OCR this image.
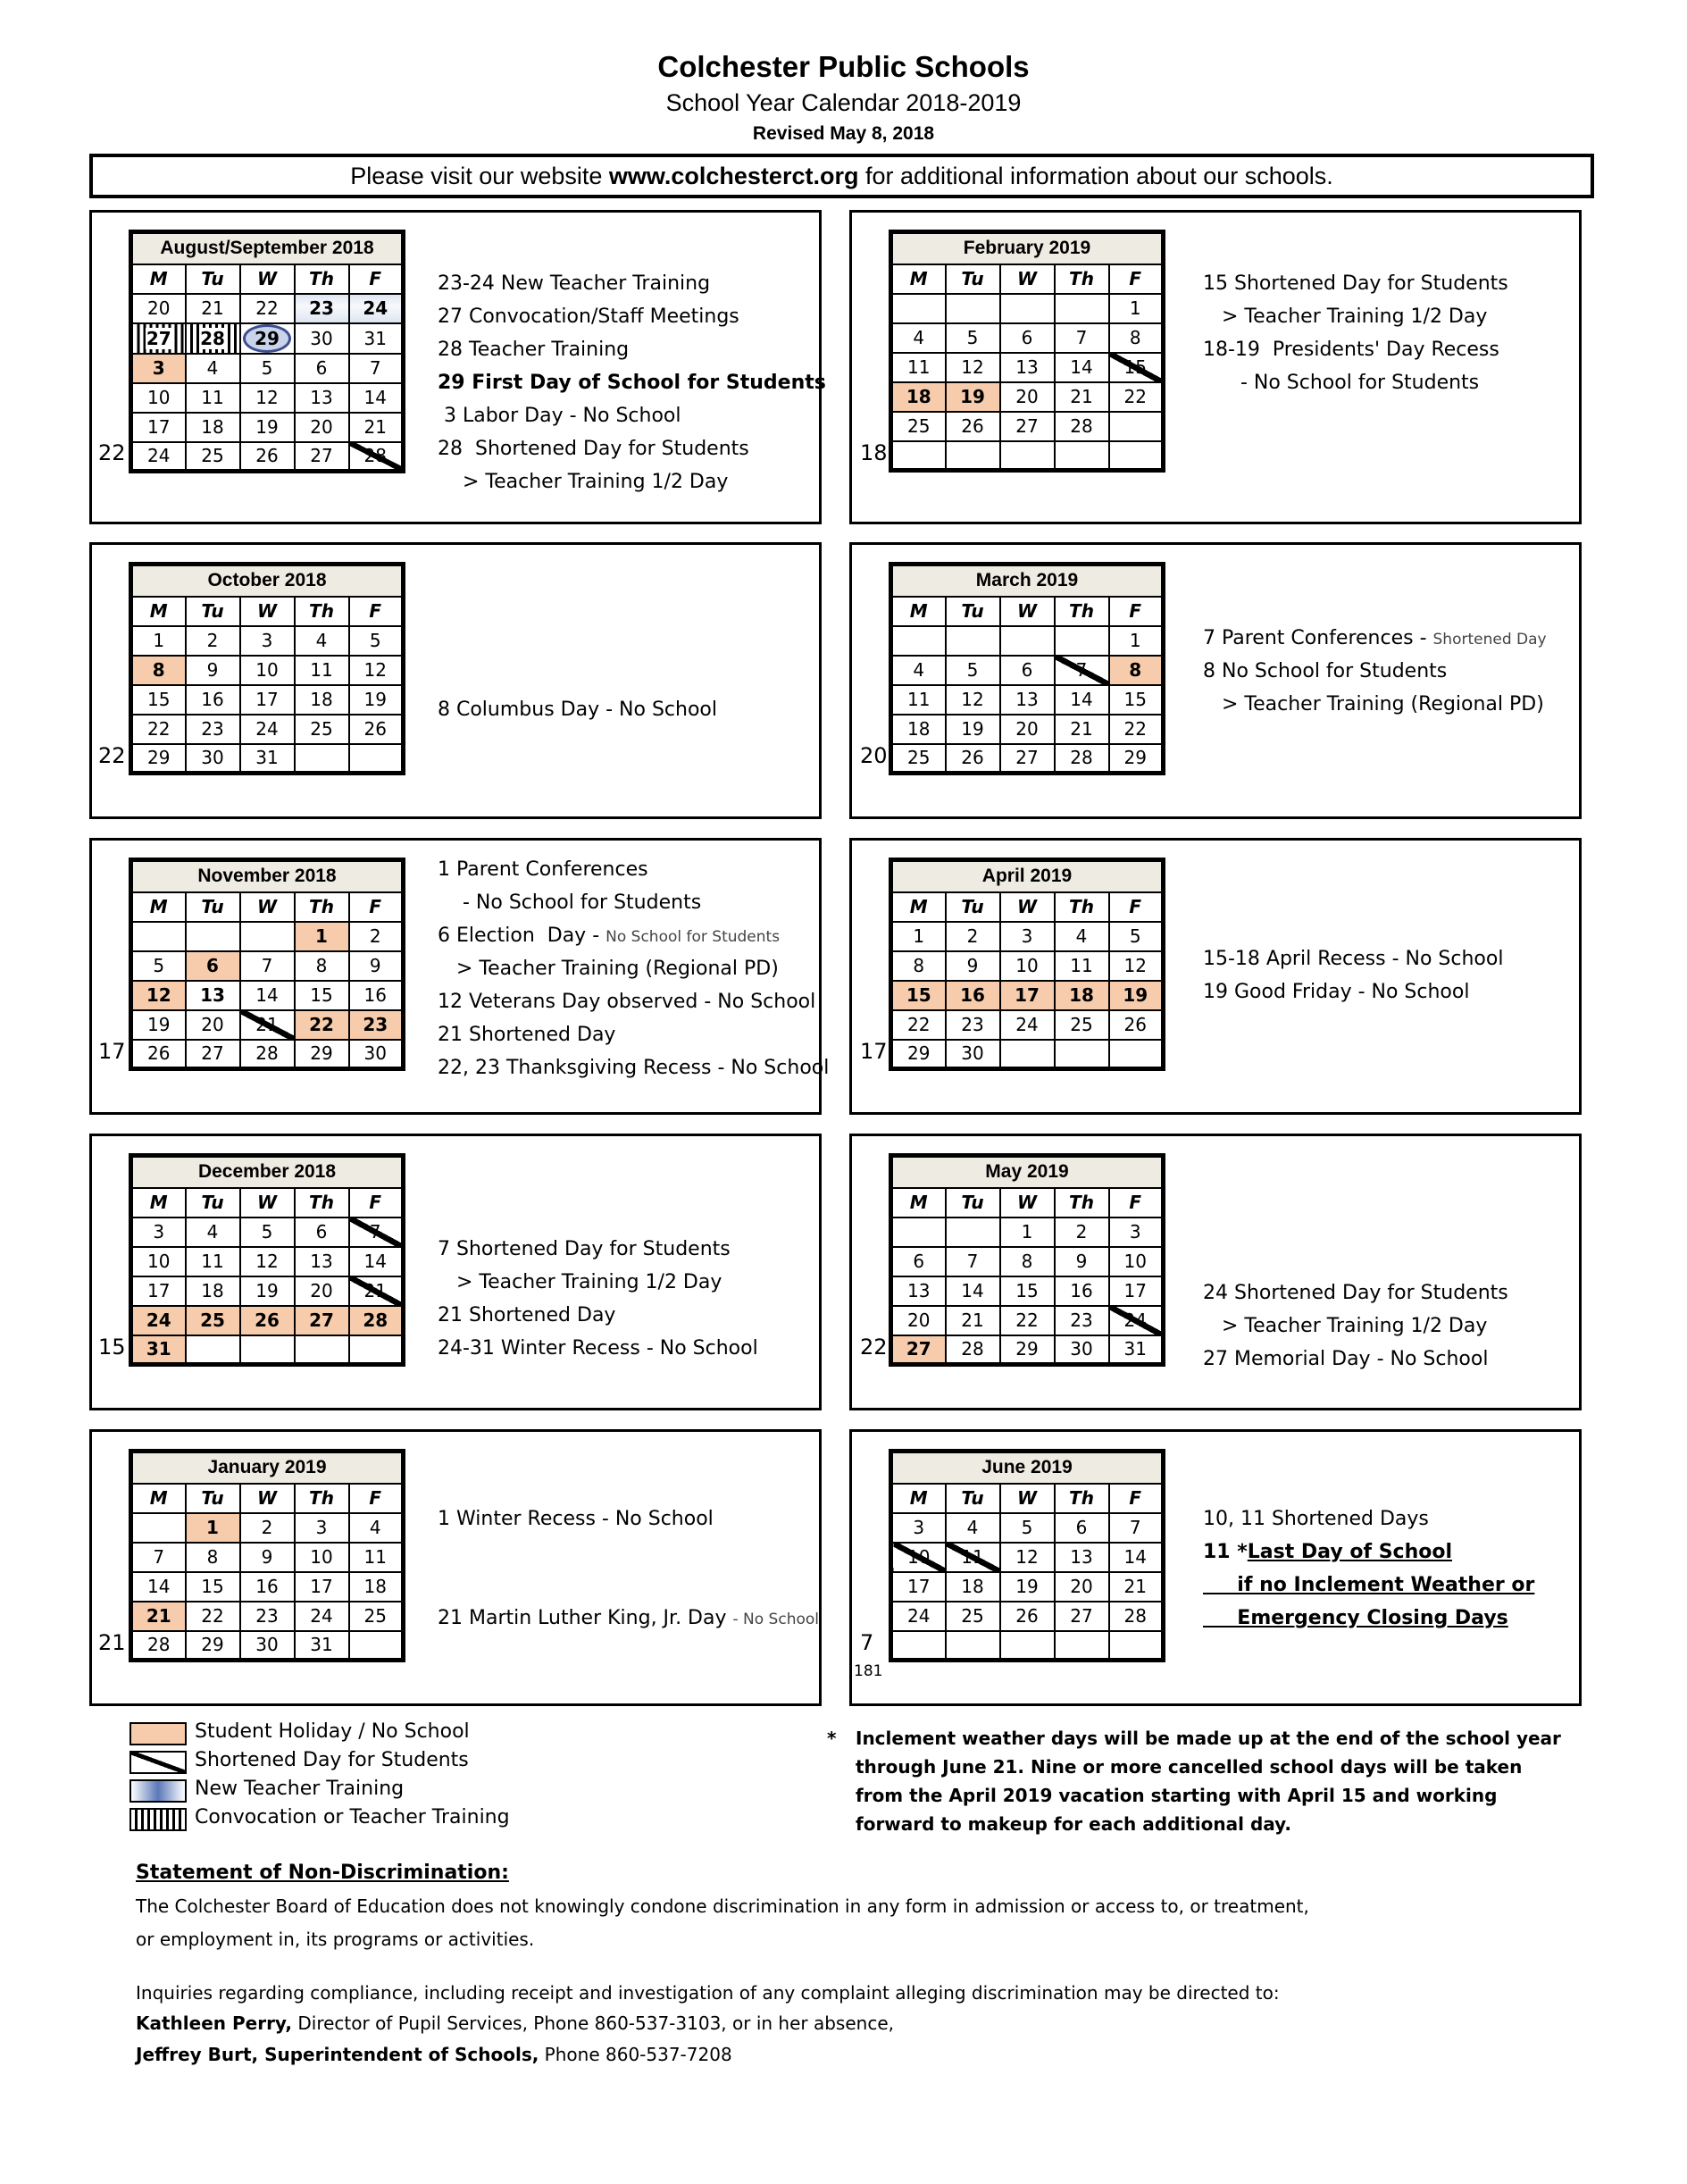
Colchester Public Schools
School Year Calendar 2018-2019
Revised May 8, 2018
Please visit our website www.colchesterct.org for additional information about our schools.
August/September 2018				
M	Tu	W	Th	F
20	21	22	23	24
27	28	29	30	31
3	4	5	6	7
10	11	12	13	14
17	18	19	20	21
24	25	26	27	28
22
23-24 New Teacher Training
27 Convocation/Staff Meetings
28 Teacher Training
29 First Day of School for Students
3 Labor Day - No School
28  Shortened Day for Students
> Teacher Training 1/2 Day
February 2019				
M	Tu	W	Th	F
				1
4	5	6	7	8
11	12	13	14	15
18	19	20	21	22
25	26	27	28	

18
15 Shortened Day for Students
> Teacher Training 1/2 Day
18-19  Presidents' Day Recess
- No School for Students
October 2018				
M	Tu	W	Th	F
1	2	3	4	5
8	9	10	11	12
15	16	17	18	19
22	23	24	25	26
29	30	31		
22
8 Columbus Day - No School
March 2019				
M	Tu	W	Th	F
				1
4	5	6	7	8
11	12	13	14	15
18	19	20	21	22
25	26	27	28	29
20
7 Parent Conferences - Shortened Day
8 No School for Students
> Teacher Training (Regional PD)
November 2018				
M	Tu	W	Th	F
			1	2
5	6	7	8	9
12	13	14	15	16
19	20	21	22	23
26	27	28	29	30
17
1 Parent Conferences
- No School for Students
6 Election  Day - No School for Students
> Teacher Training (Regional PD)
12 Veterans Day observed - No School
21 Shortened Day
22, 23 Thanksgiving Recess - No School
April 2019				
M	Tu	W	Th	F
1	2	3	4	5
8	9	10	11	12
15	16	17	18	19
22	23	24	25	26
29	30			
17
15-18 April Recess - No School
19 Good Friday - No School
December 2018				
M	Tu	W	Th	F
3	4	5	6	7
10	11	12	13	14
17	18	19	20	21
24	25	26	27	28
31				
15
7 Shortened Day for Students
> Teacher Training 1/2 Day
21 Shortened Day
24-31 Winter Recess - No School
May 2019				
M	Tu	W	Th	F
		1	2	3
6	7	8	9	10
13	14	15	16	17
20	21	22	23	24
27	28	29	30	31
22
24 Shortened Day for Students
> Teacher Training 1/2 Day
27 Memorial Day - No School
January 2019				
M	Tu	W	Th	F
	1	2	3	4
7	8	9	10	11
14	15	16	17	18
21	22	23	24	25
28	29	30	31	
21
1 Winter Recess - No School
21 Martin Luther King, Jr. Day - No School
June 2019				
M	Tu	W	Th	F
3	4	5	6	7
10	11	12	13	14
17	18	19	20	21
24	25	26	27	28

7
181
10, 11 Shortened Days
11 *Last Day of School
if no Inclement Weather or
Emergency Closing Days
Student Holiday / No School
Shortened Day for Students
New Teacher Training
Convocation or Teacher Training
*	Inclement weather days will be made up at the end of the school year
through June 21. Nine or more cancelled school days will be taken
from the April 2019 vacation starting with April 15 and working
forward to makeup for each additional day.
Statement of Non-Discrimination:
The Colchester Board of Education does not knowingly condone discrimination in any form in admission or access to, or treatment,
or employment in, its programs or activities.
Inquiries regarding compliance, including receipt and investigation of any complaint alleging discrimination may be directed to:
Kathleen Perry, Director of Pupil Services, Phone 860-537-3103, or in her absence,
Jeffrey Burt, Superintendent of Schools, Phone 860-537-7208
